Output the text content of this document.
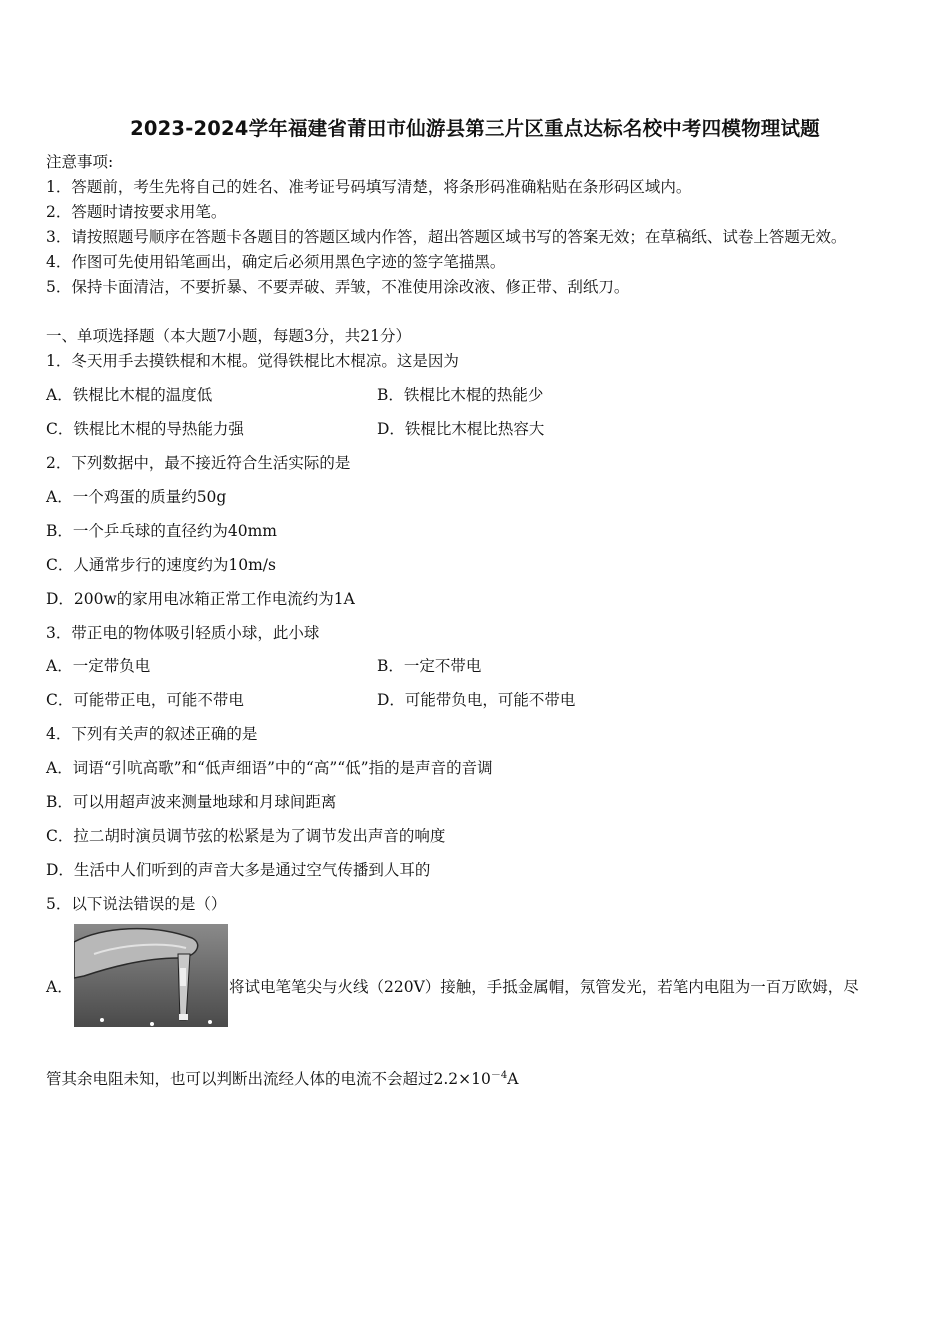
2023-2024学年福建省莆田市仙游县第三片区重点达标名校中考四模物理试题
注意事项:
1．答题前，考生先将自己的姓名、准考证号码填写清楚，将条形码准确粘贴在条形码区域内。
2．答题时请按要求用笔。
3．请按照题号顺序在答题卡各题目的答题区域内作答，超出答题区域书写的答案无效；在草稿纸、试卷上答题无效。
4．作图可先使用铅笔画出，确定后必须用黑色字迹的签字笔描黑。
5．保持卡面清洁，不要折暴、不要弄破、弄皱，不准使用涂改液、修正带、刮纸刀。
一、单项选择题（本大题7小题，每题3分，共21分）
1．冬天用手去摸铁棍和木棍。觉得铁棍比木棍凉。这是因为
A．铁棍比木棍的温度低	B．铁棍比木棍的热能少
C．铁棍比木棍的导热能力强	D．铁棍比木棍比热容大
2．下列数据中，最不接近符合生活实际的是
A．一个鸡蛋的质量约50g
B．一个乒乓球的直径约为40mm
C．人通常步行的速度约为10m/s
D．200w的家用电冰箱正常工作电流约为1A
3．带正电的物体吸引轻质小球，此小球
A．一定带负电	B．一定不带电
C．可能带正电，可能不带电	D．可能带负电，可能不带电
4．下列有关声的叙述正确的是
A．词语“引吭高歌”和“低声细语”中的“高”“低”指的是声音的音调
B．可以用超声波来测量地球和月球间距离
C．拉二胡时演员调节弦的松紧是为了调节发出声音的响度
D．生活中人们听到的声音大多是通过空气传播到人耳的
5．以下说法错误的是（）
A．	将试电笔笔尖与火线（220V）接触，手抵金属帽，氖管发光，若笔内电阻为一百万欧姆，尽
管其余电阻未知，也可以判断出流经人体的电流不会超过$2.2\times 10^{-4}A$
